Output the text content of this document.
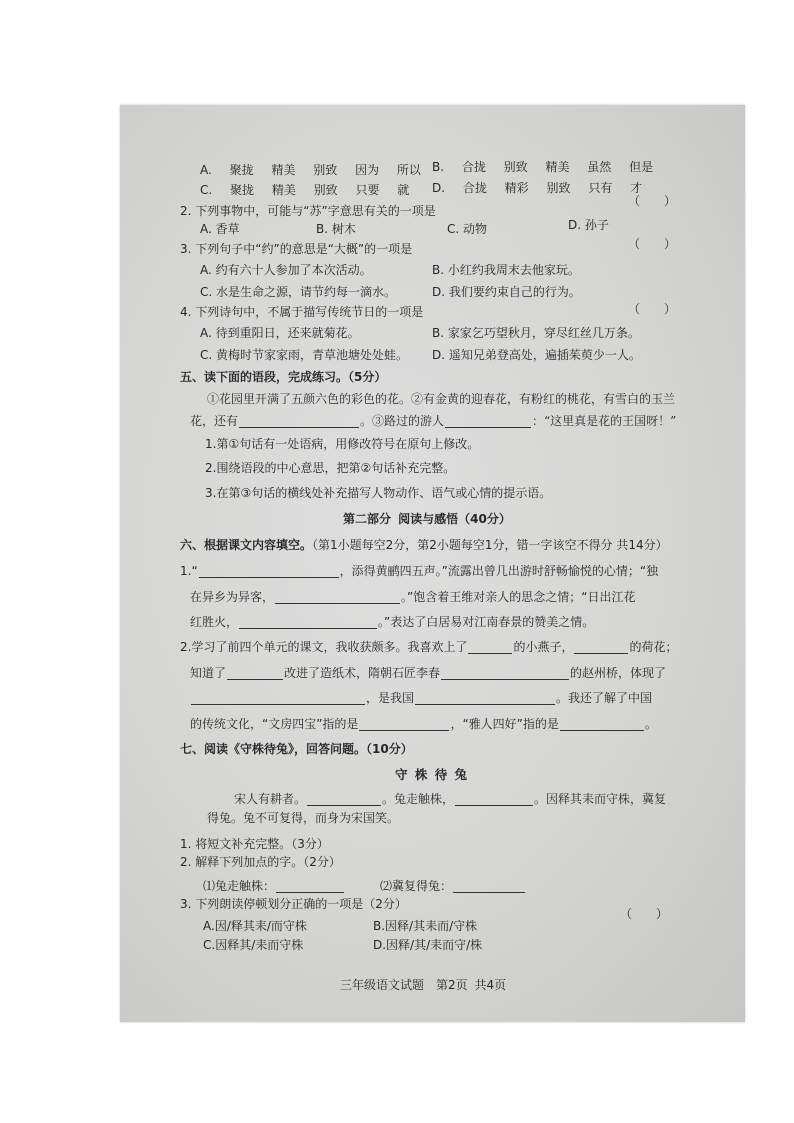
A. 聚拢 精美 别致 因为 所以 B. 合拢 别致 精美 虽然 但是
C. 聚拢 精美 别致 只要 就 D. 合拢 精彩 别致 只有 才
2. 下列事物中，可能与“苏”字意思有关的一项是
（　　）
A. 香草	B. 树木	C. 动物	D. 孙子
3. 下列句子中“约”的意思是“大概”的一项是	（　　）
A. 约有六十人参加了本次活动。	B. 小红约我周末去他家玩。
C. 水是生命之源，请节约每一滴水。	D. 我们要约束自己的行为。
4. 下列诗句中，不属于描写传统节日的一项是	（　　）
A. 待到重阳日，还来就菊花。	B. 家家乞巧望秋月，穿尽红丝几万条。
C. 黄梅时节家家雨，青草池塘处处蛙。 D. 遥知兄弟登高处，遍插茱萸少一人。
五、读下面的语段，完成练习。（5分）
①花园里开满了五颜六色的彩色的花。②有金黄的迎春花，有粉红的桃花，有雪白的玉兰
花，还有	。③路过的游人	：“这里真是花的王国呀！”
1.第①句话有一处语病，用修改符号在原句上修改。
2.围绕语段的中心意思，把第②句话补充完整。
3.在第③句话的横线处补充描写人物动作、语气或心情的提示语。
第二部分 阅读与感悟（40分）
六、根据课文内容填空。（第1小题每空2分，第2小题每空1分，错一字该空不得分 共14分）
1.“	，添得黄鹂四五声。”流露出曾几出游时舒畅愉悦的心情；“独
在异乡为异客，	。”饱含着王维对亲人的思念之情；“日出江花
红胜火，	。”表达了白居易对江南春景的赞美之情。
2.学习了前四个单元的课文，我收获颇多。我喜欢上了	的小燕子，	的荷花；
知道了	改进了造纸术，隋朝石匠李春	的赵州桥，体现了
，是我国	。我还了解了中国
的传统文化，“文房四宝”指的是	，“雅人四好”指的是	。
七、阅读《守株待兔》，回答问题。（10分）
守 株 待 兔
宋人有耕者。	。兔走触株，	。因释其耒而守株，冀复
得兔。兔不可复得，而身为宋国笑。
1. 将短文补充完整。（3分）
2. 解释下列加点的字。（2分）
⑴兔走触株：	⑵冀复得兔：
3. 下列朗读停顿划分正确的一项是（2分）
（　　）
A.因/释其耒/而守株	B.因释/其耒而/守株
C.因释其/耒而守株	D.因释/其/耒而守/株
三年级语文试题　第2页 共4页
